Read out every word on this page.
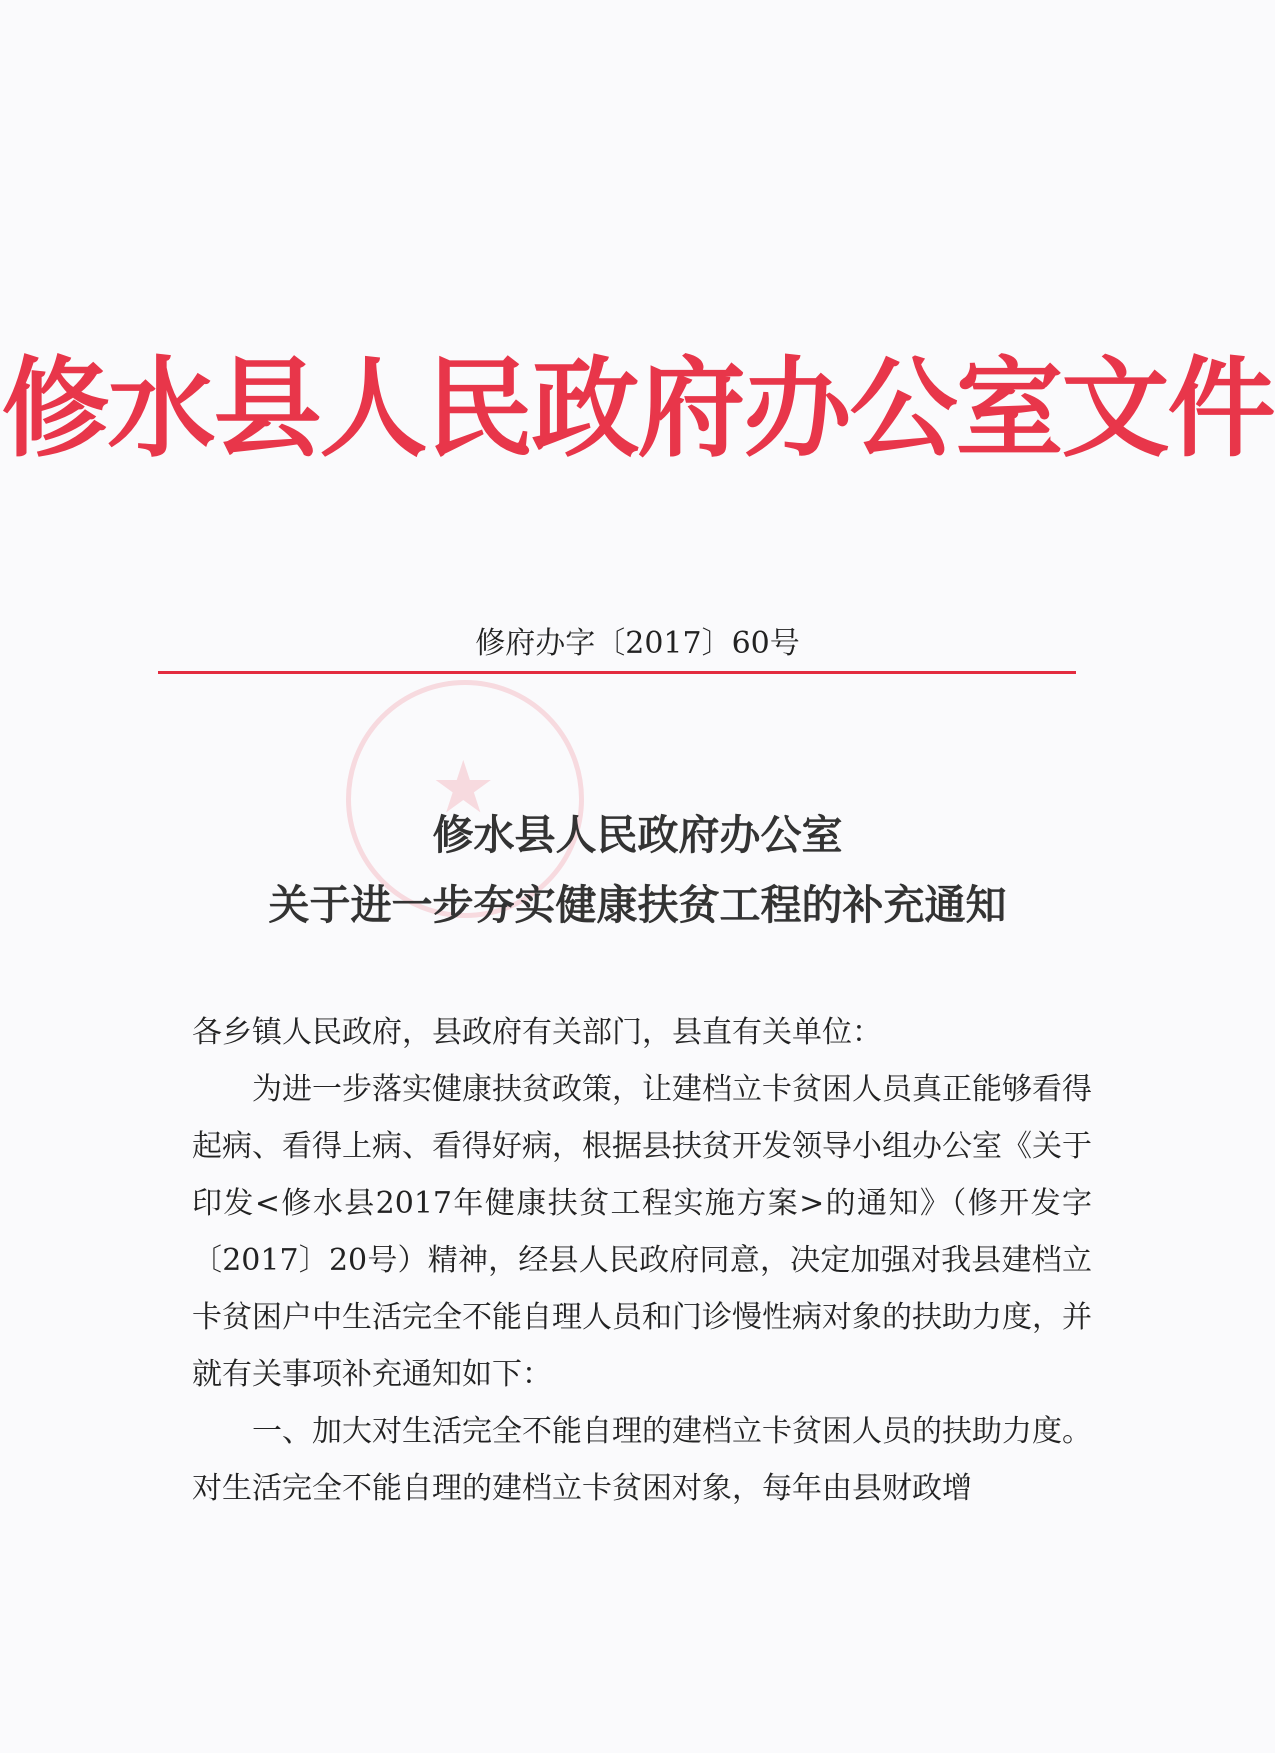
修水县人民政府办公室文件
修府办字〔2017〕60号
★
修水县人民政府办公室
关于进一步夯实健康扶贫工程的补充通知

各乡镇人民政府，县政府有关部门，县直有关单位：

为进一步落实健康扶贫政策，让建档立卡贫困人员真正能够看得起病、看得上病、看得好病，根据县扶贫开发领导小组办公室《关于印发<修水县2017年健康扶贫工程实施方案>的通知》（修开发字〔2017〕20号）精神，经县人民政府同意，决定加强对我县建档立卡贫困户中生活完全不能自理人员和门诊慢性病对象的扶助力度，并就有关事项补充通知如下：

一、加大对生活完全不能自理的建档立卡贫困人员的扶助力度。对生活完全不能自理的建档立卡贫困对象，每年由县财政增
